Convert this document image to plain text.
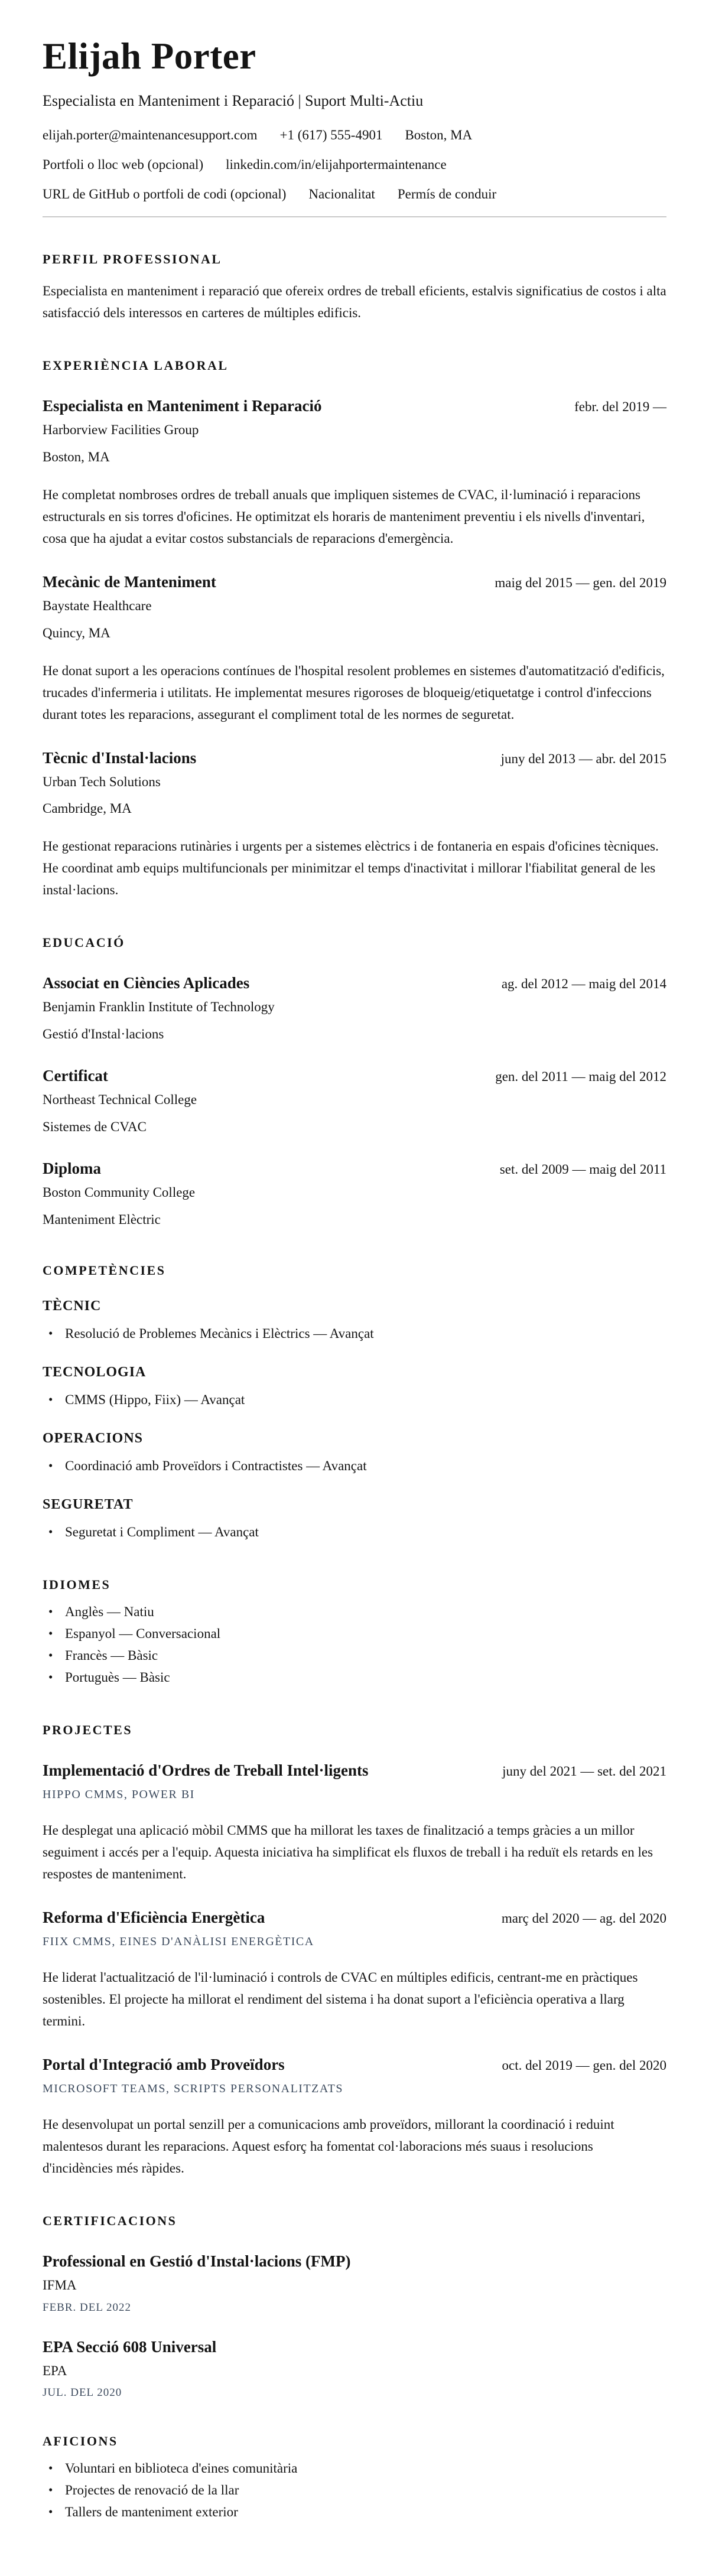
Elijah Porter
Especialista en Manteniment i Reparació | Suport Multi-Actiu
elijah.porter@maintenancesupport.com +1 (617) 555-4901 Boston, MA
Portfoli o lloc web (opcional) linkedin.com/in/elijahportermaintenance
URL de GitHub o portfoli de codi (opcional) Nacionalitat Permís de conduir
PERFIL PROFESSIONAL

Especialista en manteniment i reparació que ofereix ordres de treball eficients, estalvis significatius de costos i alta satisfacció dels interessos en carteres de múltiples edificis.

EXPERIÈNCIA LABORAL
Especialista en Manteniment i Reparació	febr. del 2019 —
Harborview Facilities Group
Boston, MA

He completat nombroses ordres de treball anuals que impliquen sistemes de CVAC, il·luminació i reparacions estructurals en sis torres d'oficines. He optimitzat els horaris de manteniment preventiu i els nivells d'inventari, cosa que ha ajudat a evitar costos substancials de reparacions d'emergència.

Mecànic de Manteniment	maig del 2015 — gen. del 2019
Baystate Healthcare
Quincy, MA

He donat suport a les operacions contínues de l'hospital resolent problemes en sistemes d'automatització d'edificis, trucades d'infermeria i utilitats. He implementat mesures rigoroses de bloqueig/etiquetatge i control d'infeccions durant totes les reparacions, assegurant el compliment total de les normes de seguretat.

Tècnic d'Instal·lacions	juny del 2013 — abr. del 2015
Urban Tech Solutions
Cambridge, MA

He gestionat reparacions rutinàries i urgents per a sistemes elèctrics i de fontaneria en espais d'oficines tècniques. He coordinat amb equips multifuncionals per minimitzar el temps d'inactivitat i millorar l'fiabilitat general de les instal·lacions.

EDUCACIÓ
Associat en Ciències Aplicades	ag. del 2012 — maig del 2014
Benjamin Franklin Institute of Technology
Gestió d'Instal·lacions
Certificat	gen. del 2011 — maig del 2012
Northeast Technical College
Sistemes de CVAC
Diploma	set. del 2009 — maig del 2011
Boston Community College
Manteniment Elèctric
COMPETÈNCIES
TÈCNIC
• Resolució de Problemes Mecànics i Elèctrics — Avançat
TECNOLOGIA
• CMMS (Hippo, Fiix) — Avançat
OPERACIONS
• Coordinació amb Proveïdors i Contractistes — Avançat
SEGURETAT
• Seguretat i Compliment — Avançat
IDIOMES
• Anglès — Natiu
• Espanyol — Conversacional
• Francès — Bàsic
• Portuguès — Bàsic
PROJECTES
Implementació d'Ordres de Treball Intel·ligents	juny del 2021 — set. del 2021
HIPPO CMMS, POWER BI

He desplegat una aplicació mòbil CMMS que ha millorat les taxes de finalització a temps gràcies a un millor seguiment i accés per a l'equip. Aquesta iniciativa ha simplificat els fluxos de treball i ha reduït els retards en les respostes de manteniment.

Reforma d'Eficiència Energètica	març del 2020 — ag. del 2020
FIIX CMMS, EINES D'ANÀLISI ENERGÈTICA

He liderat l'actualització de l'il·luminació i controls de CVAC en múltiples edificis, centrant-me en pràctiques sostenibles. El projecte ha millorat el rendiment del sistema i ha donat suport a l'eficiència operativa a llarg termini.

Portal d'Integració amb Proveïdors	oct. del 2019 — gen. del 2020
MICROSOFT TEAMS, SCRIPTS PERSONALITZATS

He desenvolupat un portal senzill per a comunicacions amb proveïdors, millorant la coordinació i reduint malentesos durant les reparacions. Aquest esforç ha fomentat col·laboracions més suaus i resolucions d'incidències més ràpides.

CERTIFICACIONS
Professional en Gestió d'Instal·lacions (FMP)
IFMA
FEBR. DEL 2022
EPA Secció 608 Universal
EPA
JUL. DEL 2020
AFICIONS
• Voluntari en biblioteca d'eines comunitària
• Projectes de renovació de la llar
• Tallers de manteniment exterior
